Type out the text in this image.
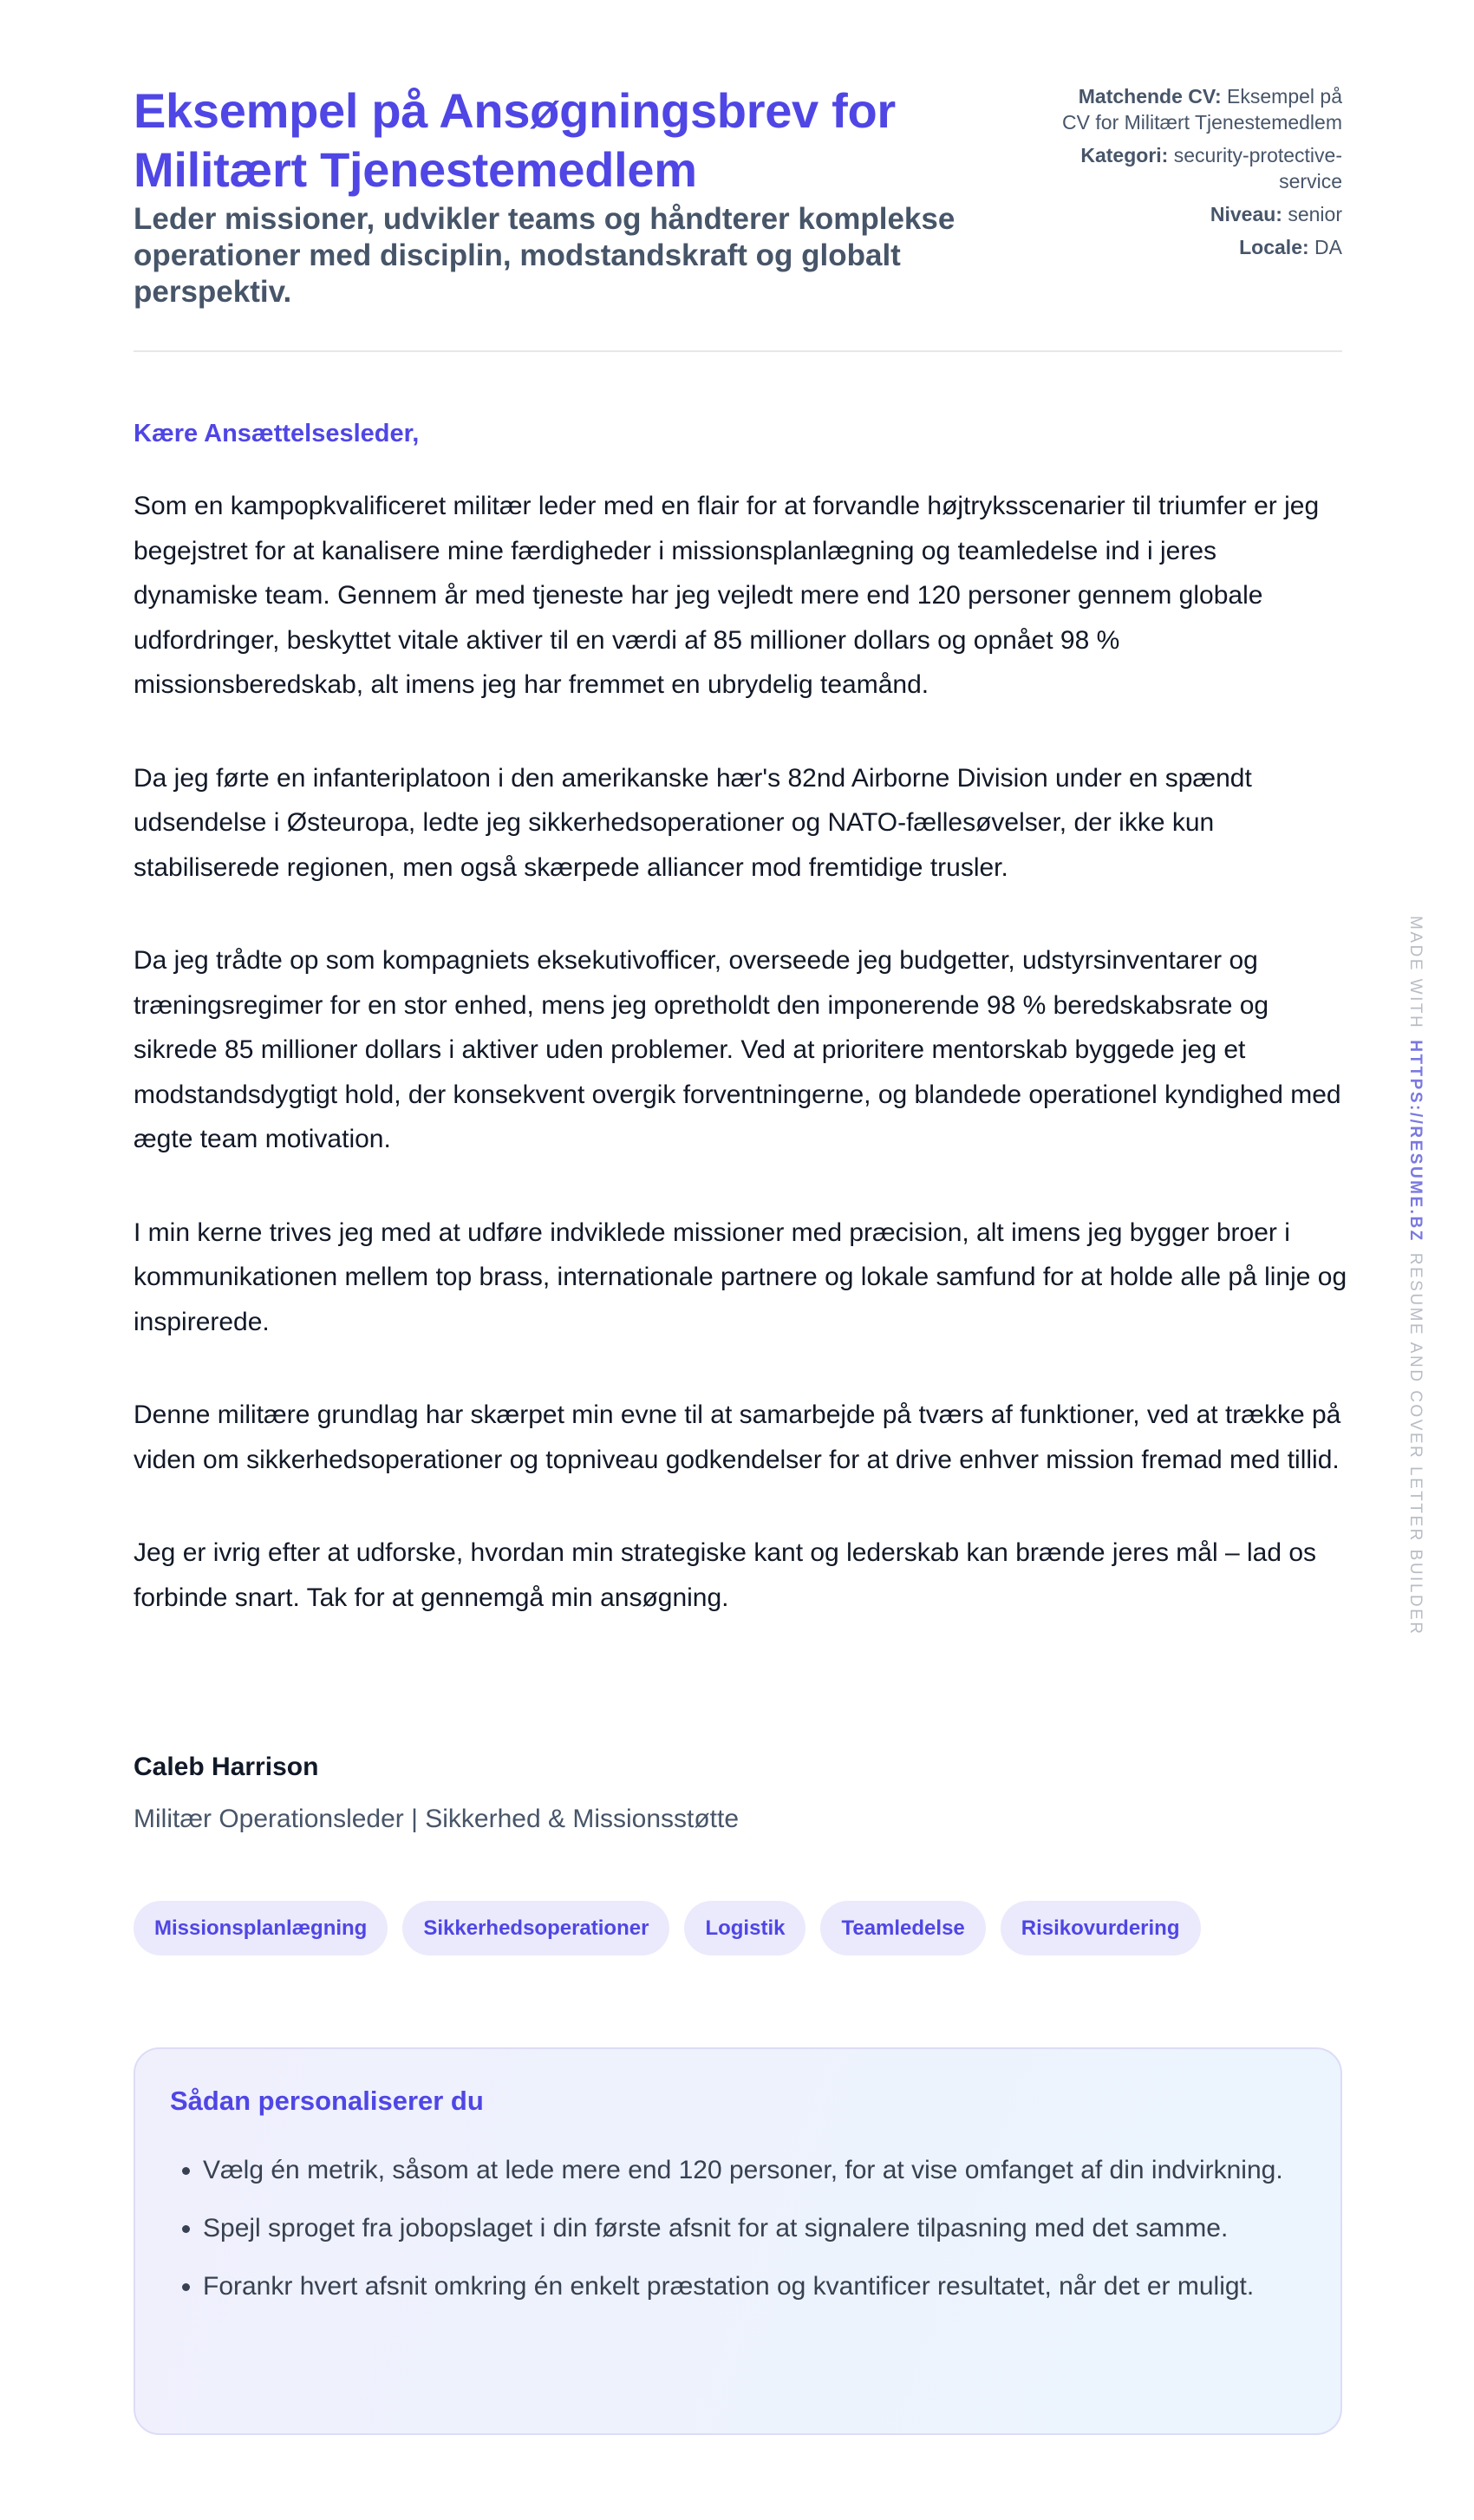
Eksempel på Ansøgningsbrev for Militært Tjenestemedlem
Leder missioner, udvikler teams og håndterer komplekse operationer med disciplin, modstandskraft og globalt perspektiv.
Matchende CV: Eksempel på CV for Militært Tjenestemedlem
Kategori: security-protective-service
Niveau: senior
Locale: DA

Kære Ansættelsesleder,

Som en kampopkvalificeret militær leder med en flair for at forvandle højtryksscenarier til triumfer er jeg begejstret for at kanalisere mine færdigheder i missionsplanlægning og teamledelse ind i jeres dynamiske team. Gennem år med tjeneste har jeg vejledt mere end 120 personer gennem globale udfordringer, beskyttet vitale aktiver til en værdi af 85 millioner dollars og opnået 98 % missionsberedskab, alt imens jeg har fremmet en ubrydelig teamånd.

Da jeg førte en infanteriplatoon i den amerikanske hær's 82nd Airborne Division under en spændt udsendelse i Østeuropa, ledte jeg sikkerhedsoperationer og NATO-fællesøvelser, der ikke kun stabiliserede regionen, men også skærpede alliancer mod fremtidige trusler.

Da jeg trådte op som kompagniets eksekutivofficer, overseede jeg budgetter, udstyrsinventarer og træningsregimer for en stor enhed, mens jeg opretholdt den imponerende 98 % beredskabsrate og sikrede 85 millioner dollars i aktiver uden problemer. Ved at prioritere mentorskab byggede jeg et modstandsdygtigt hold, der konsekvent overgik forventningerne, og blandede operationel kyndighed med ægte team motivation.

I min kerne trives jeg med at udføre indviklede missioner med præcision, alt imens jeg bygger broer i kommunikationen mellem top brass, internationale partnere og lokale samfund for at holde alle på linje og inspirerede.

Denne militære grundlag har skærpet min evne til at samarbejde på tværs af funktioner, ved at trække på viden om sikkerhedsoperationer og topniveau godkendelser for at drive enhver mission fremad med tillid.

Jeg er ivrig efter at udforske, hvordan min strategiske kant og lederskab kan brænde jeres mål – lad os forbinde snart. Tak for at gennemgå min ansøgning.

Caleb Harrison

Militær Operationsleder | Sikkerhed & Missionsstøtte

Missionsplanlægning	Sikkerhedsoperationer	Logistik	Teamledelse	Risikovurdering
Sådan personaliserer du
• Vælg én metrik, såsom at lede mere end 120 personer, for at vise omfanget af din indvirkning.
• Spejl sproget fra jobopslaget i din første afsnit for at signalere tilpasning med det samme.
• Forankr hvert afsnit omkring én enkelt præstation og kvantificer resultatet, når det er muligt.
MADE WITHHTTPS://RESUME.BZRESUME AND COVER LETTER BUILDER
